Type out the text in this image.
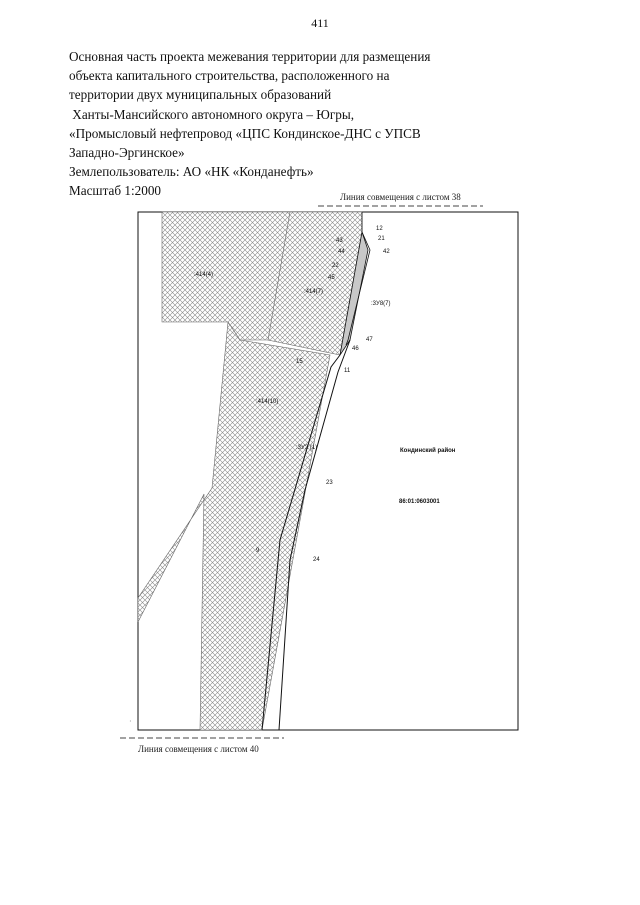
411
Основная часть проекта межевания территории для размещения
объекта капитального строительства, расположенного на
территории двух муниципальных образований
Ханты-Мансийского автономного округа – Югры,
«Промысловый нефтепровод «ЦПС Кондинское-ДНС с УПСВ
Западно-Эргинское»
Землепользователь: АО «НК «Конданефть»
Масштаб 1:2000	Линия совмещения с листом 38
Линия совмещения с листом 40
:414(4)
:414(7)
:414(10)
:3У8(7)
:3У2 (1)
12
21
43
42
44
22
45
47
46
15
11
23
9
24
Кондинский район
86:01:0603001
·
